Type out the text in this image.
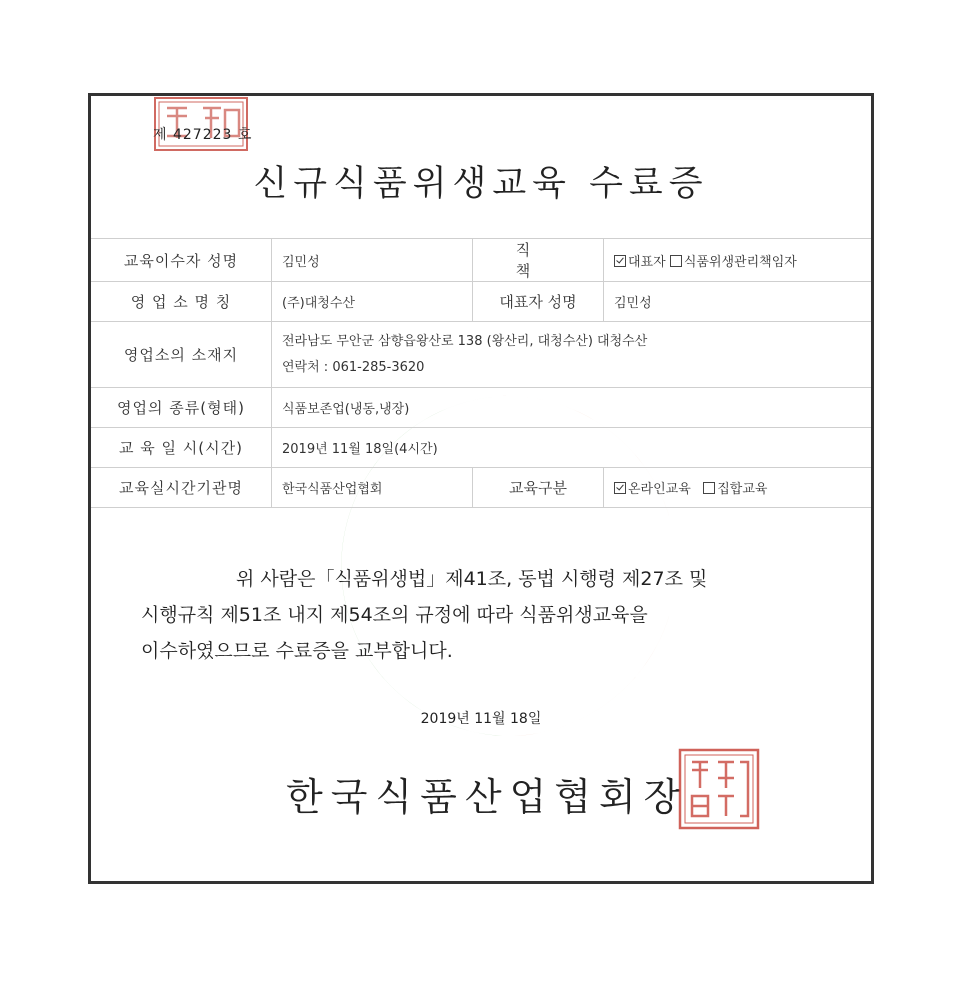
제 427223 호
신규식품위생교육 수료증
교육이수자 성명	김민성	직 책	대표자 식품위생관리책임자
영 업 소 명 칭	(주)대청수산	대표자 성명	김민성
영업소의 소재지	전라남도 무안군 삼향읍왕산로 138 (왕산리, 대청수산) 대청수산
연락처 : 061-285-3620		

영업의 종류(형태)	식품보존업(냉동,냉장)		
교 육 일 시(시간)	2019년 11월 18일(4시간)		
교육실시간기관명	한국식품산업협회	교육구분	온라인교육 집합교육
위 사람은「식품위생법」제41조, 동법 시행령 제27조 및
시행규칙 제51조 내지 제54조의 규정에 따라 식품위생교육을
이수하였으므로 수료증을 교부합니다.
2019년 11월 18일
한국식품산업협회장
